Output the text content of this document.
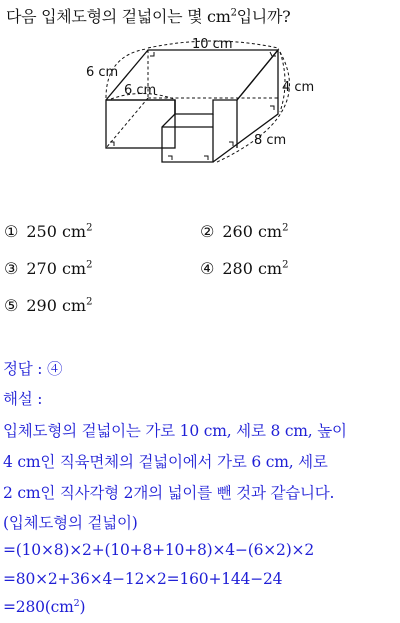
다음 입체도형의 겉넓이는 몇 $cm^2$입니까?
10 cm
6 cm
6 cm	4 cm
8 cm
① 250 $cm^2$	② 260 $cm^2$
③ 270 $cm^2$	④ 280 $cm^2$
⑤ 290 $cm^2$
정답 : ④
해설 :
입체도형의 겉넓이는 가로 10 cm, 세로 8 cm, 높이
4 cm인 직육면체의 겉넓이에서 가로 6 cm, 세로
2 cm인 직사각형 2개의 넓이를 뺀 것과 같습니다.
(입체도형의 겉넓이)
=(10×8)×2+(10+8+10+8)×4−(6×2)×2
=80×2+36×4−12×2=160+144−24
$=280(cm^2)$
